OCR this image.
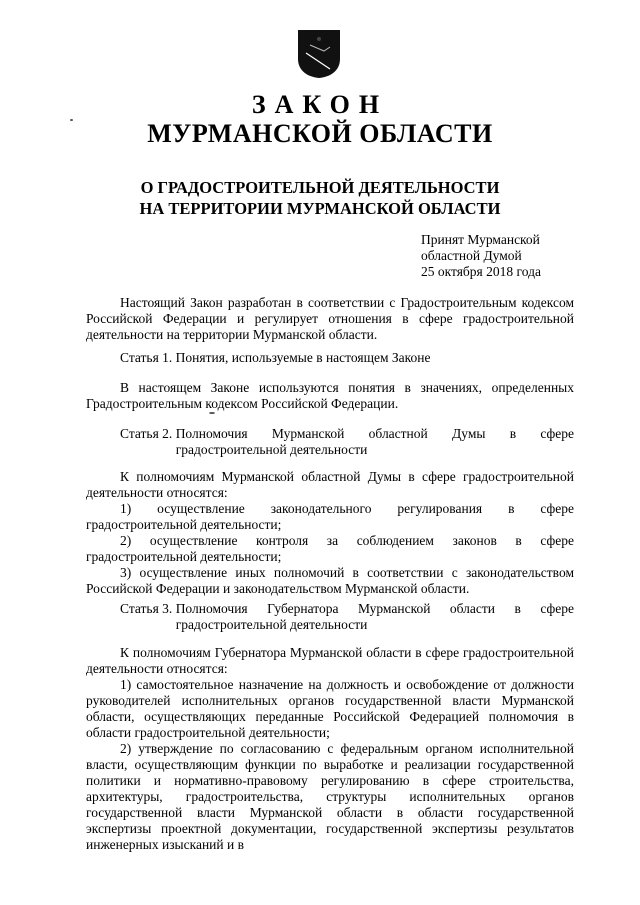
ЗАКОН
МУРМАНСКОЙ ОБЛАСТИ
О ГРАДОСТРОИТЕЛЬНОЙ ДЕЯТЕЛЬНОСТИ
НА ТЕРРИТОРИИ МУРМАНСКОЙ ОБЛАСТИ
Принят Мурманской
областной Думой
25 октября 2018 года

Настоящий Закон разработан в соответствии с Градостроительным кодексом Российской Федерации и регулирует отношения в сфере градостроительной деятельности на территории Мурманской области.

Статья 1. Понятия, используемые в настоящем Законе

В настоящем Законе используются понятия в значениях, определенных Градостроительным кодексом Российской Федерации.

Статья 2. Полномочия Мурманской областной Думы в сфере градостроительной деятельности

К полномочиям Мурманской областной Думы в сфере градостроительной деятельности относятся:

1) осуществление законодательного регулирования в сфере градостроительной деятельности;

2) осуществление контроля за соблюдением законов в сфере градостроительной деятельности;

3) осуществление иных полномочий в соответствии с законодательством Российской Федерации и законодательством Мурманской области.

Статья 3. Полномочия Губернатора Мурманской области в сфере градостроительной деятельности

К полномочиям Губернатора Мурманской области в сфере градостроительной деятельности относятся:

1) самостоятельное назначение на должность и освобождение от должности руководителей исполнительных органов государственной власти Мурманской области, осуществляющих переданные Российской Федерацией полномочия в области градостроительной деятельности;

2) утверждение по согласованию с федеральным органом исполнительной власти, осуществляющим функции по выработке и реализации государственной политики и нормативно-правовому регулированию в сфере строительства, архитектуры, градостроительства, структуры исполнительных органов государственной власти Мурманской области в области государственной экспертизы проектной документации, государственной экспертизы результатов инженерных изысканий и в
